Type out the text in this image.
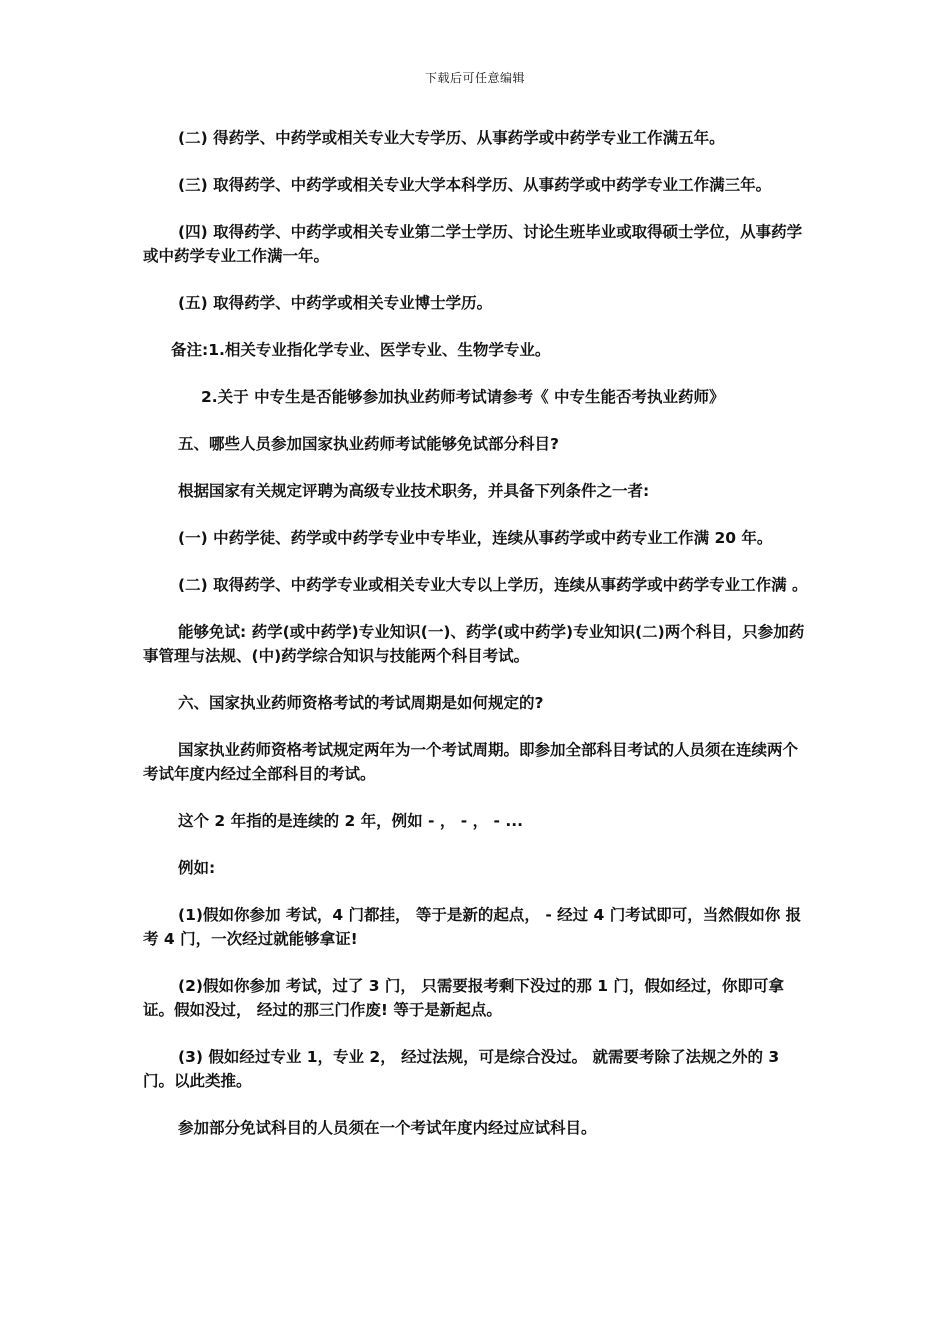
下载后可任意编辑

(二) 得药学、中药学或相关专业大专学历、从事药学或中药学专业工作满五年。

(三) 取得药学、中药学或相关专业大学本科学历、从事药学或中药学专业工作满三年。

(四) 取得药学、中药学或相关专业第二学士学历、讨论生班毕业或取得硕士学位，从事药学或中药学专业工作满一年。

(五) 取得药学、中药学或相关专业博士学历。

备注:1.相关专业指化学专业、医学专业、生物学专业。

2.关于 中专生是否能够参加执业药师考试请参考《 中专生能否考执业药师》

五、哪些人员参加国家执业药师考试能够免试部分科目?

根据国家有关规定评聘为高级专业技术职务，并具备下列条件之一者:

(一) 中药学徒、药学或中药学专业中专毕业，连续从事药学或中药专业工作满 20 年。

(二) 取得药学、中药学专业或相关专业大专以上学历，连续从事药学或中药学专业工作满 。

能够免试: 药学(或中药学)专业知识(一)、药学(或中药学)专业知识(二)两个科目，只参加药事管理与法规、(中)药学综合知识与技能两个科目考试。

六、国家执业药师资格考试的考试周期是如何规定的?

国家执业药师资格考试规定两年为一个考试周期。即参加全部科目考试的人员须在连续两个考试年度内经过全部科目的考试。

这个 2 年指的是连续的 2 年，例如 - ， - ， - ...

例如:

(1)假如你参加 考试，4 门都挂， 等于是新的起点， - 经过 4 门考试即可，当然假如你 报考 4 门，一次经过就能够拿证!

(2)假如你参加 考试，过了 3 门， 只需要报考剩下没过的那 1 门，假如经过，你即可拿证。假如没过， 经过的那三门作废! 等于是新起点。

(3) 假如经过专业 1，专业 2， 经过法规，可是综合没过。 就需要考除了法规之外的 3 门。以此类推。

参加部分免试科目的人员须在一个考试年度内经过应试科目。
